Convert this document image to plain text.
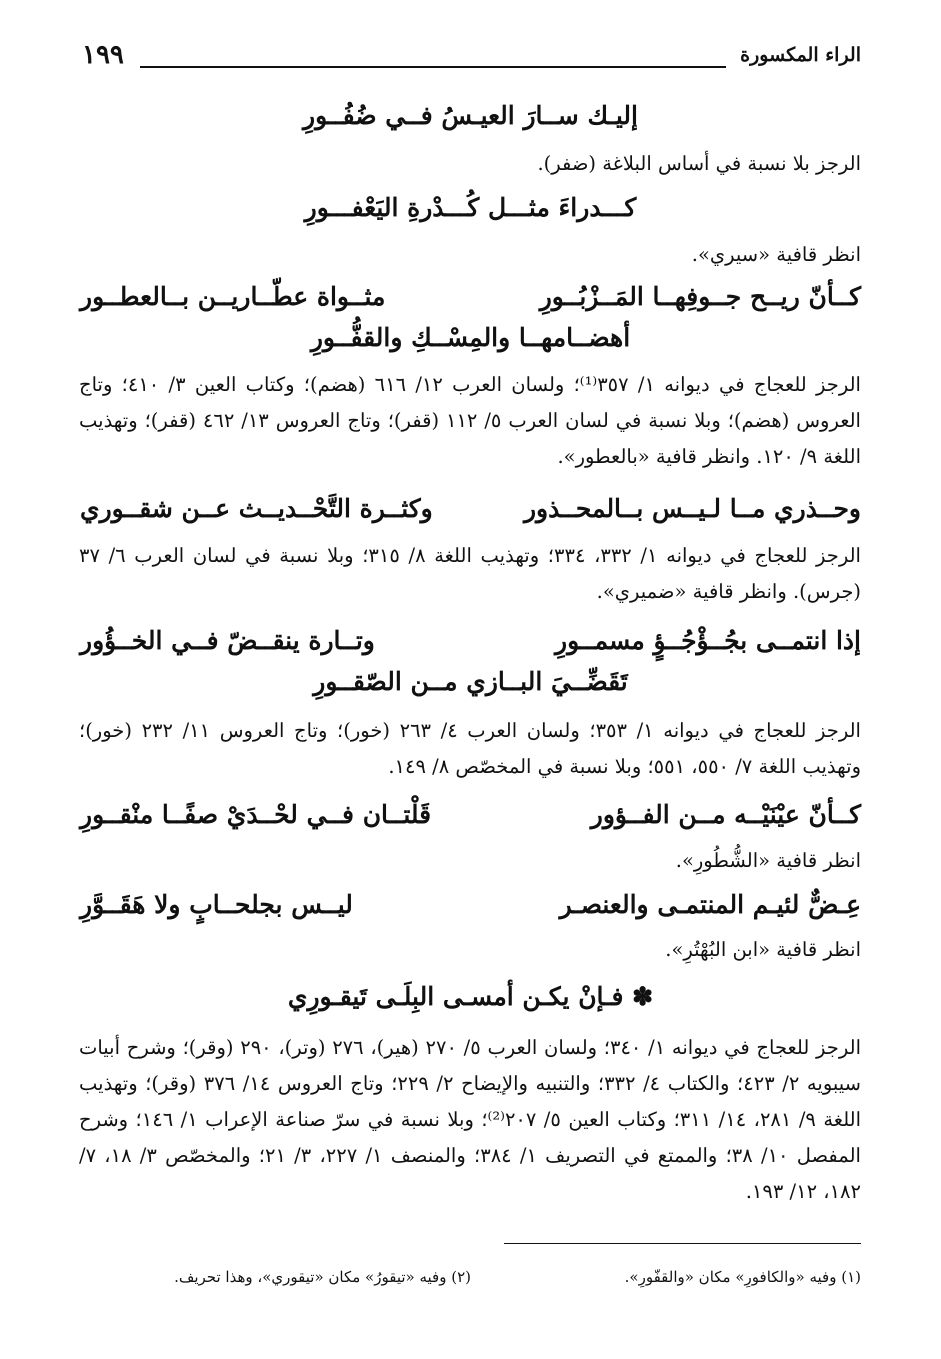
الراء المكسورة
١٩٩
إليـك ســارَ العيـسُ فــي ضُفُــورِ
الرجز بلا نسبة في أساس البلاغة (ضفر).
كـــدراءَ مثـــل كُـــدْرةِ اليَعْفـــورِ
انظر قافية «سيري».
كــأنّ ريــح جــوفِهــا المَــزْبُــورِ
مثــواة عطّــاريــن بــالعطــور
أهضــامهــا والمِسْــكِ والقفُّــورِ
الرجز للعجاج في ديوانه ١/ ٣٥٧⁽¹⁾؛ ولسان العرب ١٢/ ٦١٦ (هضم)؛ وكتاب العين ٣/ ٤١٠؛ وتاج العروس (هضم)؛ وبلا نسبة في لسان العرب ٥/ ١١٢ (قفر)؛ وتاج العروس ١٣/ ٤٦٢ (قفر)؛ وتهذيب اللغة ٩/ ١٢٠. وانظر قافية «بالعطور».
وحــذري مــا لـيــس بــالمحــذور
وكثــرة التَّحْــديــث عــن شقــوري
الرجز للعجاج في ديوانه ١/ ٣٣٢، ٣٣٤؛ وتهذيب اللغة ٨/ ٣١٥؛ وبلا نسبة في لسان العرب ٦/ ٣٧ (جرس). وانظر قافية «ضميري».
إذا انتمــى بجُــؤْجُــؤٍ مسمــورِ
وتــارة ينقــضّ فــي الخــؤُور
تَقَضِّــيَ البــازي مــن الصّقــورِ
الرجز للعجاج في ديوانه ١/ ٣٥٣؛ ولسان العرب ٤/ ٢٦٣ (خور)؛ وتاج العروس ١١/ ٢٣٢ (خور)؛ وتهذيب اللغة ٧/ ٥٥٠، ٥٥١؛ وبلا نسبة في المخصّص ٨/ ١٤٩.
كــأنّ عيْنَيْــه مــن الفــؤور
قَلْتــان فــي لحْــدَيْ صفًــا منْقــورِ
انظر قافية «الشُّطُورِ».
عِـضٌّ لئيـم المنتمـى والعنصـر
ليــس بجلحــابٍ ولا هَقَــوَّرِ
انظر قافية «ابن البُهْتُرِ».
✽ فـإنْ يكـن أمسـى البِلَـى تَيقـورِي
الرجز للعجاج في ديوانه ١/ ٣٤٠؛ ولسان العرب ٥/ ٢٧٠ (هير)، ٢٧٦ (وتر)، ٢٩٠ (وقر)؛ وشرح أبيات سيبويه ٢/ ٤٢٣؛ والكتاب ٤/ ٣٣٢؛ والتنبيه والإيضاح ٢/ ٢٢٩؛ وتاج العروس ١٤/ ٣٧٦ (وقر)؛ وتهذيب اللغة ٩/ ٢٨١، ١٤/ ٣١١؛ وكتاب العين ٥/ ٢٠٧⁽²⁾؛ وبلا نسبة في سرّ صناعة الإعراب ١/ ١٤٦؛ وشرح المفصل ١٠/ ٣٨؛ والممتع في التصريف ١/ ٣٨٤؛ والمنصف ١/ ٢٢٧، ٣/ ٢١؛ والمخصّص ٣/ ١٨، ٧/ ١٨٢، ١٢/ ١٩٣.
(١) وفيه «والكافورِ» مكان «والقفّورِ».
(٢) وفيه «تيقورُ» مكان «تيقوري»، وهذا تحريف.
